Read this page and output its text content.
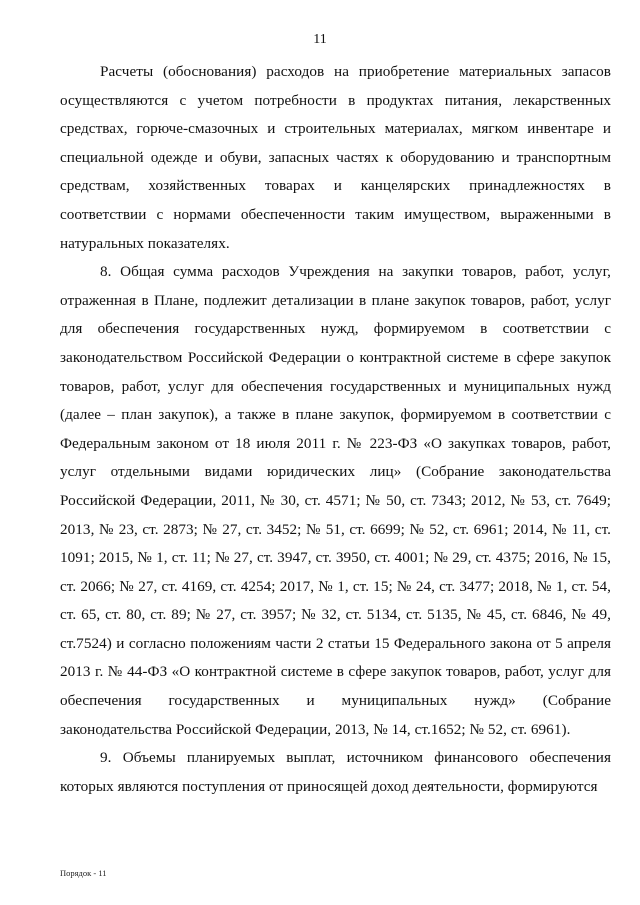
11

Расчеты (обоснования) расходов на приобретение материальных запасов осуществляются с учетом потребности в продуктах питания, лекарственных средствах, горюче-смазочных и строительных материалах, мягком инвентаре и специальной одежде и обуви, запасных частях к оборудованию и транспортным средствам, хозяйственных товарах и канцелярских принадлежностях в соответствии с нормами обеспеченности таким имуществом, выраженными в натуральных показателях.

8. Общая сумма расходов Учреждения на закупки товаров, работ, услуг, отраженная в Плане, подлежит детализации в плане закупок товаров, работ, услуг для обеспечения государственных нужд, формируемом в соответствии с законодательством Российской Федерации о контрактной системе в сфере закупок товаров, работ, услуг для обеспечения государственных и муниципальных нужд (далее – план закупок), а также в плане закупок, формируемом в соответствии с Федеральным законом от 18 июля 2011 г. № 223-ФЗ «О закупках товаров, работ, услуг отдельными видами юридических лиц» (Собрание законодательства Российской Федерации, 2011, № 30, ст. 4571; № 50, ст. 7343; 2012, № 53, ст. 7649; 2013, № 23, ст. 2873; № 27, ст. 3452; № 51, ст. 6699; № 52, ст. 6961; 2014, № 11, ст. 1091; 2015, № 1, ст. 11; № 27, ст. 3947, ст. 3950, ст. 4001; № 29, ст. 4375; 2016, № 15, ст. 2066; № 27, ст. 4169, ст. 4254; 2017, № 1, ст. 15; № 24, ст. 3477; 2018, № 1, ст. 54, ст. 65, ст. 80, ст. 89; № 27, ст. 3957; № 32, ст. 5134, ст. 5135, № 45, ст. 6846, № 49, ст.7524) и согласно положениям части 2 статьи 15 Федерального закона от 5 апреля 2013 г. № 44-ФЗ «О контрактной системе в сфере закупок товаров, работ, услуг для обеспечения государственных и муниципальных нужд» (Собрание законодательства Российской Федерации, 2013, № 14, ст.1652; № 52, ст. 6961).

9. Объемы планируемых выплат, источником финансового обеспечения которых являются поступления от приносящей доход деятельности, формируются

Порядок - 11
